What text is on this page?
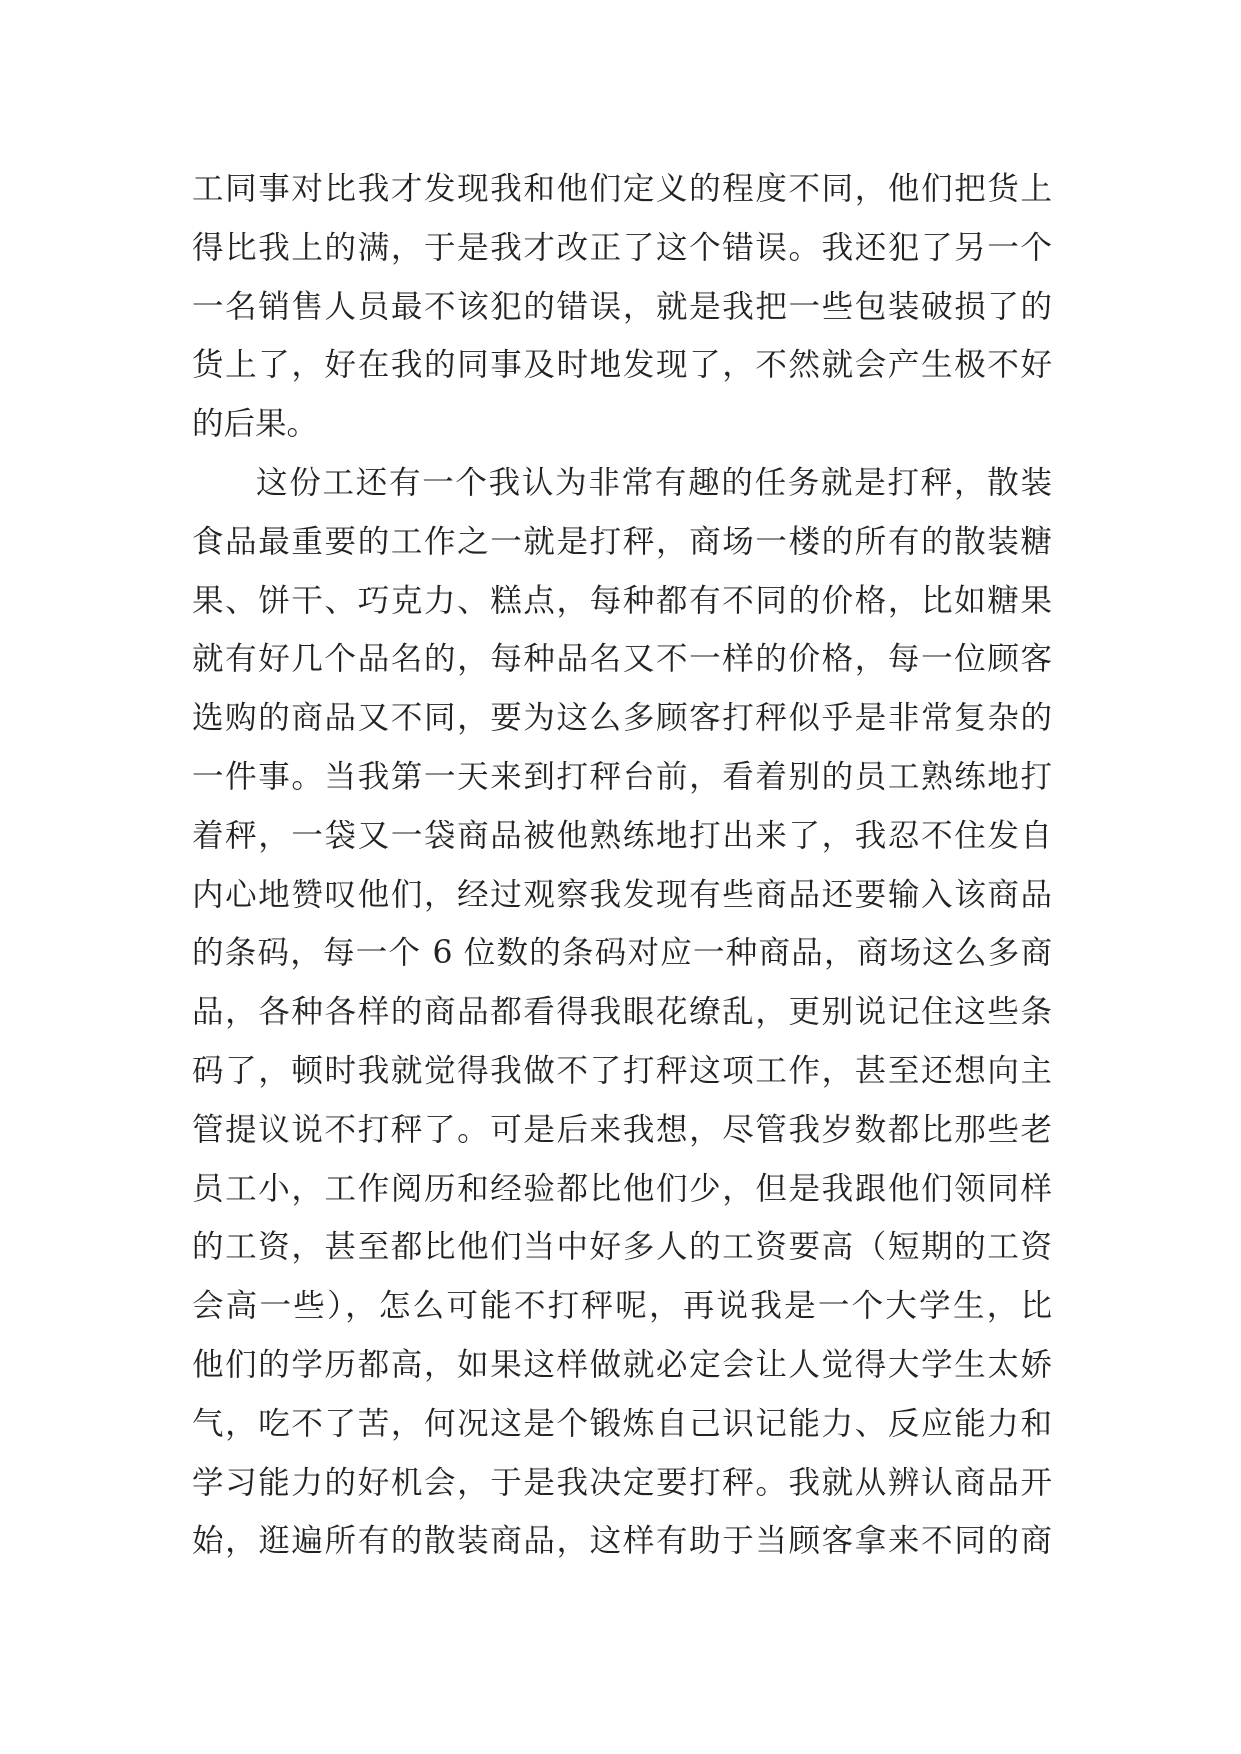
工同事对比我才发现我和他们定义的程度不同，他们把货上
得比我上的满，于是我才改正了这个错误。我还犯了另一个
一名销售人员最不该犯的错误，就是我把一些包装破损了的
货上了，好在我的同事及时地发现了，不然就会产生极不好
的后果。
这份工还有一个我认为非常有趣的任务就是打秤，散装
食品最重要的工作之一就是打秤，商场一楼的所有的散装糖
果、饼干、巧克力、糕点，每种都有不同的价格，比如糖果
就有好几个品名的，每种品名又不一样的价格，每一位顾客
选购的商品又不同，要为这么多顾客打秤似乎是非常复杂的
一件事。当我第一天来到打秤台前，看着别的员工熟练地打
着秤，一袋又一袋商品被他熟练地打出来了，我忍不住发自
内心地赞叹他们，经过观察我发现有些商品还要输入该商品
的条码，每一个 6 位数的条码对应一种商品，商场这么多商
品，各种各样的商品都看得我眼花缭乱，更别说记住这些条
码了，顿时我就觉得我做不了打秤这项工作，甚至还想向主
管提议说不打秤了。可是后来我想，尽管我岁数都比那些老
员工小，工作阅历和经验都比他们少，但是我跟他们领同样
的工资，甚至都比他们当中好多人的工资要高（短期的工资
会高一些），怎么可能不打秤呢，再说我是一个大学生，比
他们的学历都高，如果这样做就必定会让人觉得大学生太娇
气，吃不了苦，何况这是个锻炼自己识记能力、反应能力和
学习能力的好机会，于是我决定要打秤。我就从辨认商品开
始，逛遍所有的散装商品，这样有助于当顾客拿来不同的商
